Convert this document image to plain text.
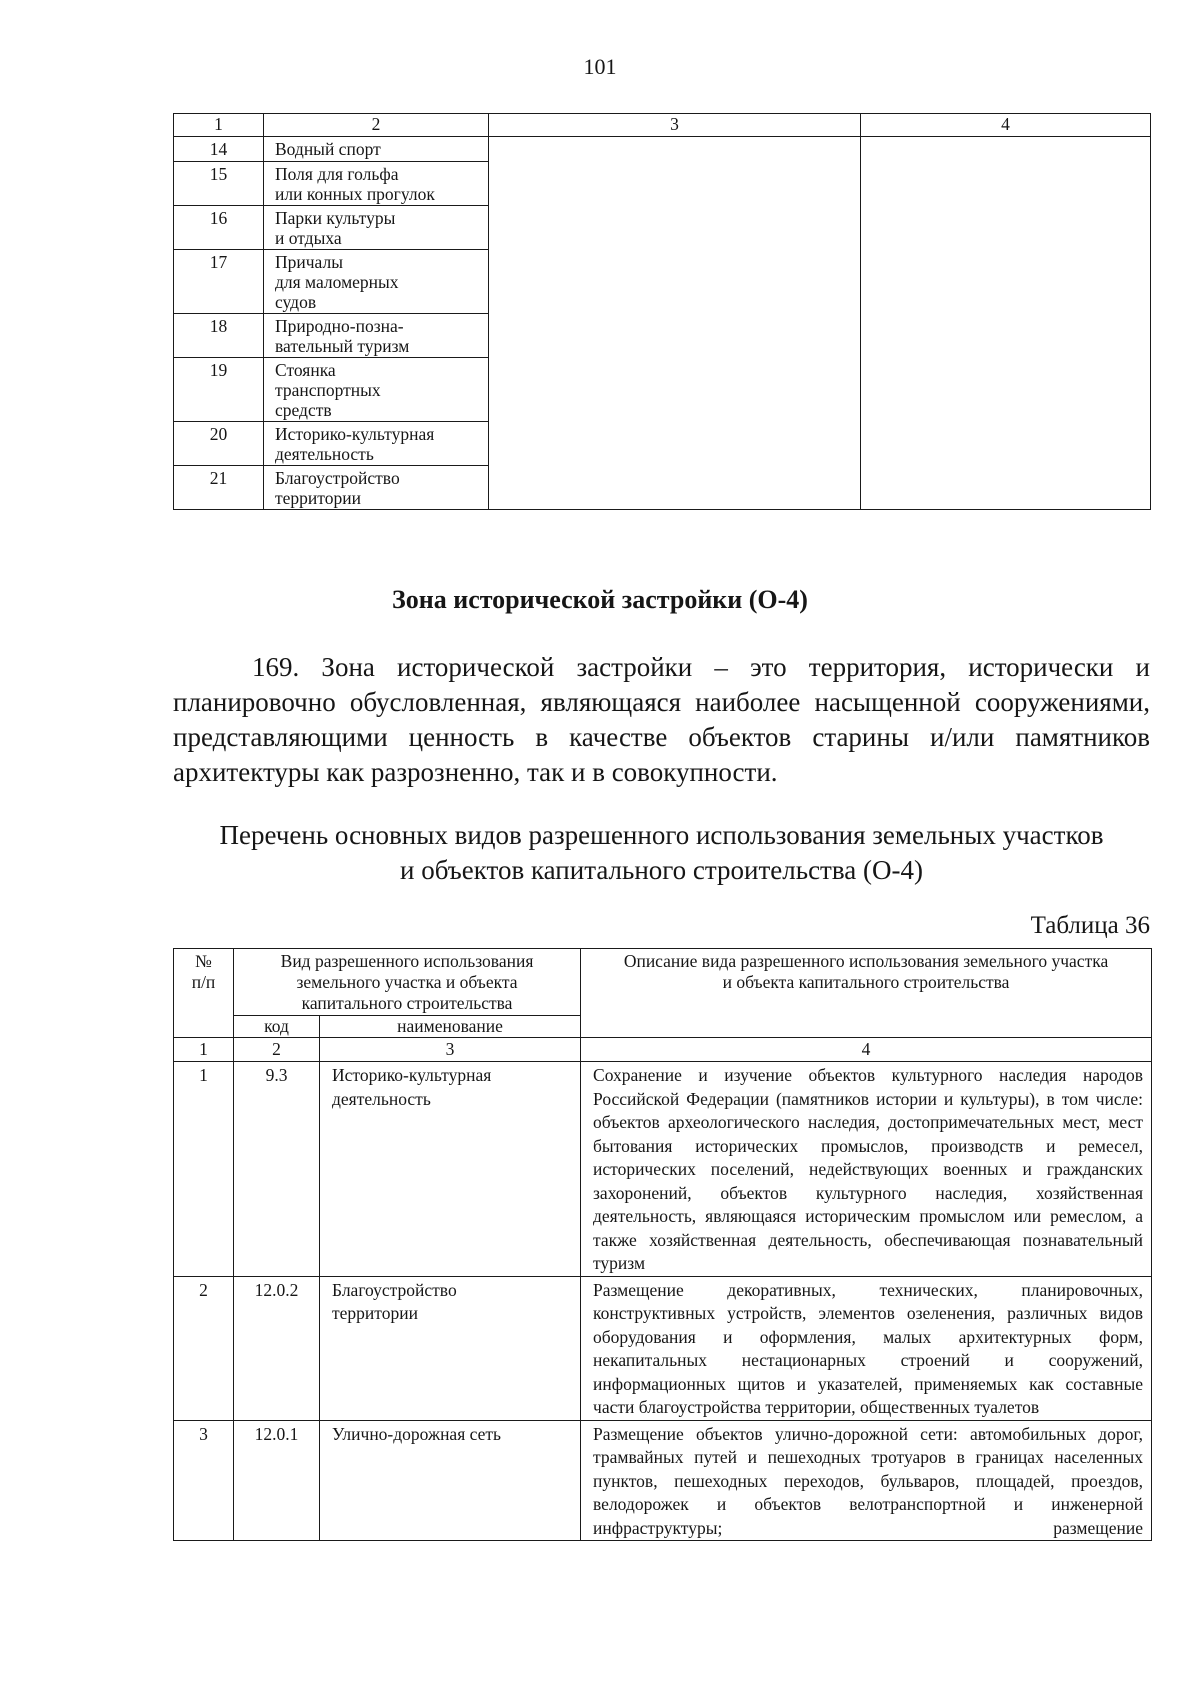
101
1	2	3	4
14	Водный спорт		
15	Поля для гольфа
или конных прогулок		
16	Парки культуры
и отдыха		
17	Причалы
для маломерных
судов		
18	Природно-позна-
вательный туризм		
19	Стоянка
транспортных
средств		
20	Историко-культурная
деятельность		
21	Благоустройство
территории		
Зона исторической застройки (О-4)
169. Зона исторической застройки – это территория, исторически и планировочно обусловленная, являющаяся наиболее насыщенной сооружениями, представляющими ценность в качестве объектов старины и/или памятников архитектуры как разрозненно, так и в совокупности.
Перечень основных видов разрешенного использования земельных участков
и объектов капитального строительства (О-4)
Таблица 36
№
п/п	Вид разрешенного использования
земельного участка и объекта
капитального строительства		Описание вида разрешенного использования земельного участка
и объекта капитального строительства
	код	наименование	
1	2	3	4
1	9.3	Историко-культурная
деятельность	Сохранение и изучение объектов культурного наследия народов Российской Федерации (памятников истории и культуры), в том числе: объектов археологического наследия, достопримечательных мест, мест бытования исторических промыслов, производств и ремесел, исторических поселений, недействующих военных и гражданских захоронений, объектов культурного наследия, хозяйственная деятельность, являющаяся историческим промыслом или ремеслом, а также хозяйственная деятельность, обеспечивающая познавательный туризм
2	12.0.2	Благоустройство
территории	Размещение декоративных, технических, планировочных, конструктивных устройств, элементов озеленения, различных видов оборудования и оформления, малых архитектурных форм, некапитальных нестационарных строений и сооружений, информационных щитов и указателей, применяемых как составные части благоустройства территории, общественных туалетов
3	12.0.1	Улично-дорожная сеть	Размещение объектов улично-дорожной сети: автомобильных дорог, трамвайных путей и пешеходных тротуаров в границах населенных пунктов, пешеходных переходов, бульваров, площадей, проездов, велодорожек и объектов велотранспортной и инженерной инфраструктуры; размещение
